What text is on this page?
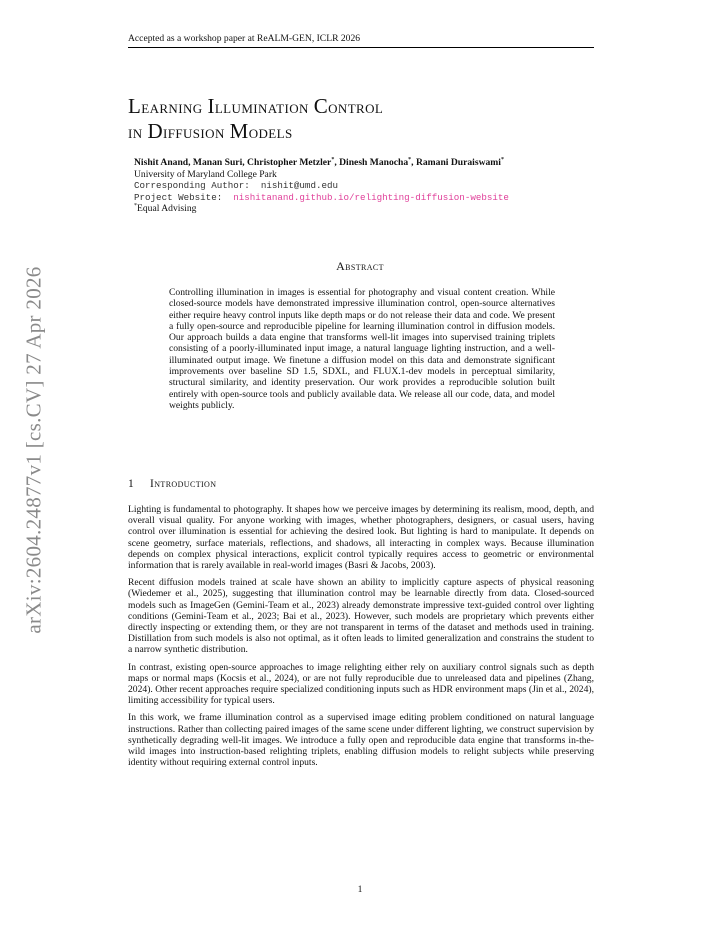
Accepted as a workshop paper at ReALM-GEN, ICLR 2026
arXiv:2604.24877v1 [cs.CV] 27 Apr 2026
Learning Illumination Control
in Diffusion Models
Nishit Anand, Manan Suri, Christopher Metzler*, Dinesh Manocha*, Ramani Duraiswami*
University of Maryland College Park
Corresponding Author: nishit@umd.edu
Project Website: nishitanand.github.io/relighting-diffusion-website
*Equal Advising
Abstract
Controlling illumination in images is essential for photography and visual content creation. While closed-source models have demonstrated impressive illumination control, open-source alternatives either require heavy control inputs like depth maps or do not release their data and code. We present a fully open-source and reproducible pipeline for learning illumination control in diffusion models. Our approach builds a data engine that transforms well-lit images into supervised training triplets consisting of a poorly-illuminated input image, a natural language lighting instruction, and a well-illuminated output image. We finetune a diffusion model on this data and demonstrate significant improvements over baseline SD 1.5, SDXL, and FLUX.1-dev models in perceptual similarity, structural similarity, and identity preservation. Our work provides a reproducible solution built entirely with open-source tools and publicly available data. We release all our code, data, and model weights publicly.
1 Introduction

Lighting is fundamental to photography. It shapes how we perceive images by determining its realism, mood, depth, and overall visual quality. For anyone working with images, whether photographers, designers, or casual users, having control over illumination is essential for achieving the desired look. But lighting is hard to manipulate. It depends on scene geometry, surface materials, reflections, and shadows, all interacting in complex ways. Because illumination depends on complex physical interactions, explicit control typically requires access to geometric or environmental information that is rarely available in real-world images (Basri & Jacobs, 2003).

Recent diffusion models trained at scale have shown an ability to implicitly capture aspects of physical reasoning (Wiedemer et al., 2025), suggesting that illumination control may be learnable directly from data. Closed-sourced models such as ImageGen (Gemini-Team et al., 2023) already demonstrate impressive text-guided control over lighting conditions (Gemini-Team et al., 2023; Bai et al., 2023). However, such models are proprietary which prevents either directly inspecting or extending them, or they are not transparent in terms of the dataset and methods used in training. Distillation from such models is also not optimal, as it often leads to limited generalization and constrains the student to a narrow synthetic distribution.

In contrast, existing open-source approaches to image relighting either rely on auxiliary control signals such as depth maps or normal maps (Kocsis et al., 2024), or are not fully reproducible due to unreleased data and pipelines (Zhang, 2024). Other recent approaches require specialized conditioning inputs such as HDR environment maps (Jin et al., 2024), limiting accessibility for typical users.

In this work, we frame illumination control as a supervised image editing problem conditioned on natural language instructions. Rather than collecting paired images of the same scene under different lighting, we construct supervision by synthetically degrading well-lit images. We introduce a fully open and reproducible data engine that transforms in-the-wild images into instruction-based relighting triplets, enabling diffusion models to relight subjects while preserving identity without requiring external control inputs.

1
